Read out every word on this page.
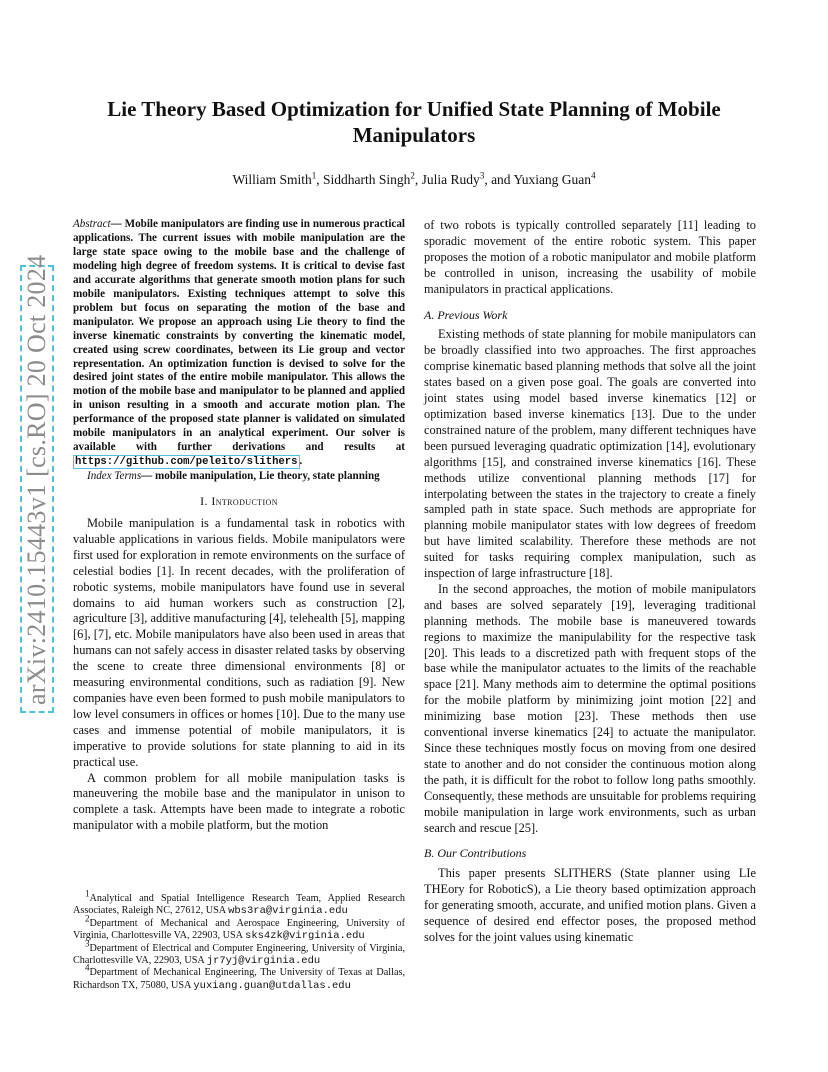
Lie Theory Based Optimization for Unified State Planning of Mobile Manipulators
William Smith$^1$, Siddharth Singh$^2$, Julia Rudy$^3$, and Yuxiang Guan$^4$
arXiv:2410.15443v1 [cs.RO] 20 Oct 2024
Abstract— Mobile manipulators are finding use in numerous practical applications. The current issues with mobile manipulation are the large state space owing to the mobile base and the challenge of modeling high degree of freedom systems. It is critical to devise fast and accurate algorithms that generate smooth motion plans for such mobile manipulators. Existing techniques attempt to solve this problem but focus on separating the motion of the base and manipulator. We propose an approach using Lie theory to find the inverse kinematic constraints by converting the kinematic model, created using screw coordinates, between its Lie group and vector representation. An optimization function is devised to solve for the desired joint states of the entire mobile manipulator. This allows the motion of the mobile base and manipulator to be planned and applied in unison resulting in a smooth and accurate motion plan. The performance of the proposed state planner is validated on simulated mobile manipulators in an analytical experiment. Our solver is available with further derivations and results at https://github.com/peleito/slithers .
Index Terms— mobile manipulation, Lie theory, state planning
I. Introduction

Mobile manipulation is a fundamental task in robotics with valuable applications in various fields. Mobile manipulators were first used for exploration in remote environments on the surface of celestial bodies [1]. In recent decades, with the proliferation of robotic systems, mobile manipulators have found use in several domains to aid human workers such as construction [2], agriculture [3], additive manufacturing [4], telehealth [5], mapping [6], [7], etc. Mobile manipulators have also been used in areas that humans can not safely access in disaster related tasks by observing the scene to create three dimensional environments [8] or measuring environmental conditions, such as radiation [9]. New companies have even been formed to push mobile manipulators to low level consumers in offices or homes [10]. Due to the many use cases and immense potential of mobile manipulators, it is imperative to provide solutions for state planning to aid in its practical use.

A common problem for all mobile manipulation tasks is maneuvering the mobile base and the manipulator in unison to complete a task. Attempts have been made to integrate a robotic manipulator with a mobile platform, but the motion

$^1$Analytical and Spatial Intelligence Research Team, Applied Research Associates, Raleigh NC, 27612, USA wbs3ra@virginia.edu
$^2$Department of Mechanical and Aerospace Engineering, University of Virginia, Charlottesville VA, 22903, USA sks4zk@virginia.edu
$^3$Department of Electrical and Computer Engineering, University of Virginia, Charlottesville VA, 22903, USA jr7yj@virginia.edu
$^4$Department of Mechanical Engineering, The University of Texas at Dallas, Richardson TX, 75080, USA yuxiang.guan@utdallas.edu

of two robots is typically controlled separately [11] leading to sporadic movement of the entire robotic system. This paper proposes the motion of a robotic manipulator and mobile platform be controlled in unison, increasing the usability of mobile manipulators in practical applications.

A. Previous Work

Existing methods of state planning for mobile manipulators can be broadly classified into two approaches. The first approaches comprise kinematic based planning methods that solve all the joint states based on a given pose goal. The goals are converted into joint states using model based inverse kinematics [12] or optimization based inverse kinematics [13]. Due to the under constrained nature of the problem, many different techniques have been pursued leveraging quadratic optimization [14], evolutionary algorithms [15], and constrained inverse kinematics [16]. These methods utilize conventional planning methods [17] for interpolating between the states in the trajectory to create a finely sampled path in state space. Such methods are appropriate for planning mobile manipulator states with low degrees of freedom but have limited scalability. Therefore these methods are not suited for tasks requiring complex manipulation, such as inspection of large infrastructure [18].

In the second approaches, the motion of mobile manipulators and bases are solved separately [19], leveraging traditional planning methods. The mobile base is maneuvered towards regions to maximize the manipulability for the respective task [20]. This leads to a discretized path with frequent stops of the base while the manipulator actuates to the limits of the reachable space [21]. Many methods aim to determine the optimal positions for the mobile platform by minimizing joint motion [22] and minimizing base motion [23]. These methods then use conventional inverse kinematics [24] to actuate the manipulator. Since these techniques mostly focus on moving from one desired state to another and do not consider the continuous motion along the path, it is difficult for the robot to follow long paths smoothly. Consequently, these methods are unsuitable for problems requiring mobile manipulation in large work environments, such as urban search and rescue [25].

B. Our Contributions

This paper presents SLITHERS (State planner using LIe THEory for RoboticS), a Lie theory based optimization approach for generating smooth, accurate, and unified motion plans. Given a sequence of desired end effector poses, the proposed method solves for the joint values using kinematic
